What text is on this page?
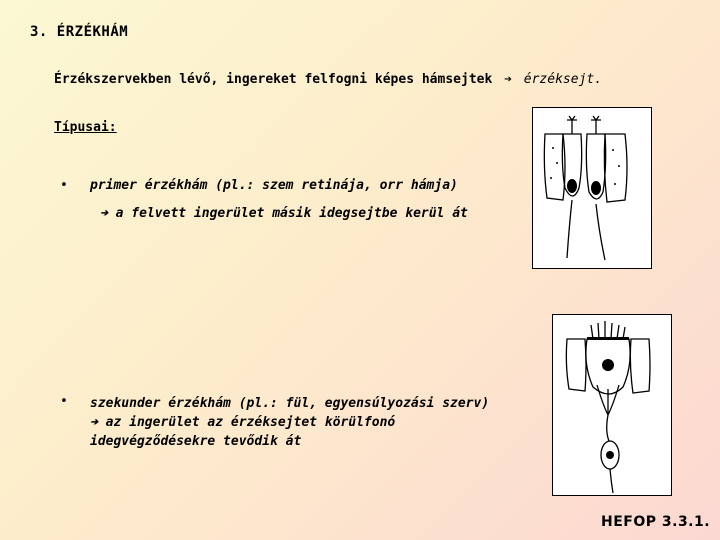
3. ÉRZÉKHÁM
Érzékszervekben lévő, ingereket felfogni képes hámsejtek ➔ érzéksejt.
Típusai:
• primer érzékhám (pl.: szem retinája, orr hámja)
➔ a felvett ingerület másik idegsejtbe kerül át
• szekunder érzékhám (pl.: fül, egyensúlyozási szerv)
➔ az ingerület az érzéksejtet körülfonó
idegvégződésekre tevődik át
HEFOP 3.3.1.
